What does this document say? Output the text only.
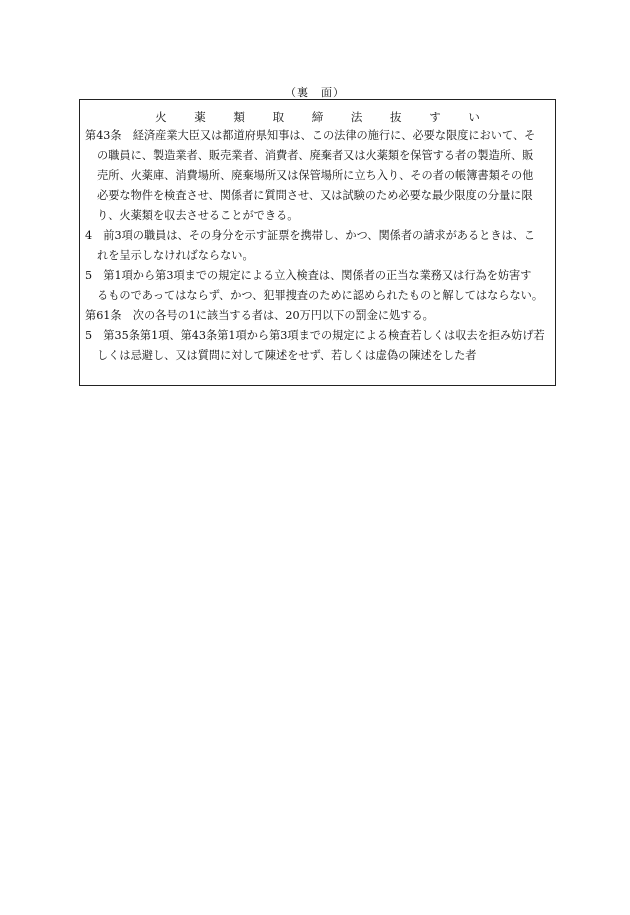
（裏　面）
火 薬 類 取 締 法 抜 す い
第43条　経済産業大臣又は都道府県知事は、この法律の施行に、必要な限度において、そ
の職員に、製造業者、販売業者、消費者、廃棄者又は火薬類を保管する者の製造所、販
売所、火薬庫、消費場所、廃棄場所又は保管場所に立ち入り、その者の帳簿書類その他
必要な物件を検査させ、関係者に質問させ、又は試験のため必要な最少限度の分量に限
り、火薬類を収去させることができる。
4　前3項の職員は、その身分を示す証票を携帯し、かつ、関係者の請求があるときは、こ
れを呈示しなければならない。
5　第1項から第3項までの規定による立入検査は、関係者の正当な業務又は行為を妨害す
るものであってはならず、かつ、犯罪捜査のために認められたものと解してはならない。
第61条　次の各号の1に該当する者は、20万円以下の罰金に処する。
5　第35条第1項、第43条第1項から第3項までの規定による検査若しくは収去を拒み妨げ若
しくは忌避し、又は質問に対して陳述をせず、若しくは虚偽の陳述をした者
